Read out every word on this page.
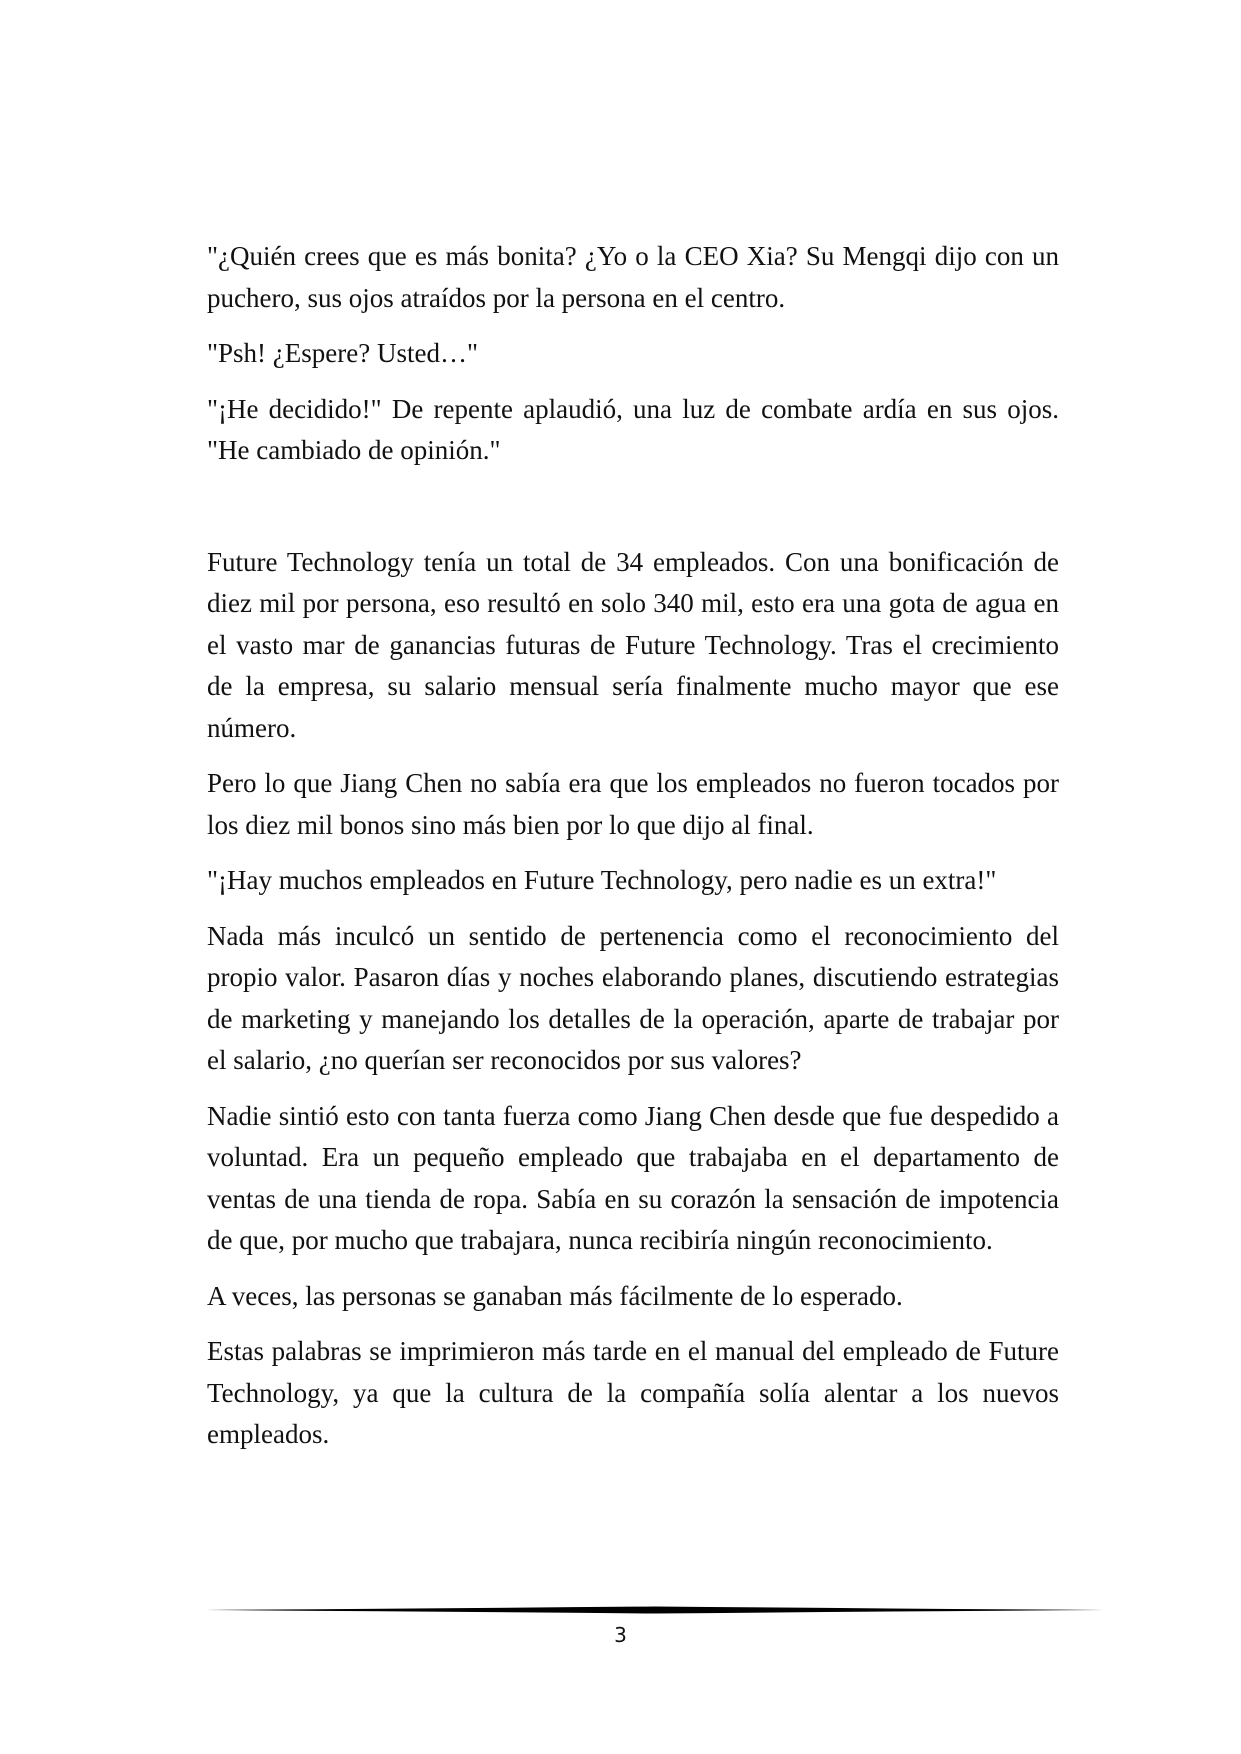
"¿Quién crees que es más bonita? ¿Yo o la CEO Xia? Su Mengqi dijo con un puchero, sus ojos atraídos por la persona en el centro.

"Psh! ¿Espere? Usted…"

"¡He decidido!" De repente aplaudió, una luz de combate ardía en sus ojos. "He cambiado de opinión."

Future Technology tenía un total de 34 empleados. Con una bonificación de diez mil por persona, eso resultó en solo 340 mil, esto era una gota de agua en el vasto mar de ganancias futuras de Future Technology. Tras el crecimiento de la empresa, su salario mensual sería finalmente mucho mayor que ese número.

Pero lo que Jiang Chen no sabía era que los empleados no fueron tocados por los diez mil bonos sino más bien por lo que dijo al final.

"¡Hay muchos empleados en Future Technology, pero nadie es un extra!"

Nada más inculcó un sentido de pertenencia como el reconocimiento del propio valor. Pasaron días y noches elaborando planes, discutiendo estrategias de marketing y manejando los detalles de la operación, aparte de trabajar por el salario, ¿no querían ser reconocidos por sus valores?

Nadie sintió esto con tanta fuerza como Jiang Chen desde que fue despedido a voluntad. Era un pequeño empleado que trabajaba en el departamento de ventas de una tienda de ropa. Sabía en su corazón la sensación de impotencia de que, por mucho que trabajara, nunca recibiría ningún reconocimiento.

A veces, las personas se ganaban más fácilmente de lo esperado.

Estas palabras se imprimieron más tarde en el manual del empleado de Future Technology, ya que la cultura de la compañía solía alentar a los nuevos empleados.

3
